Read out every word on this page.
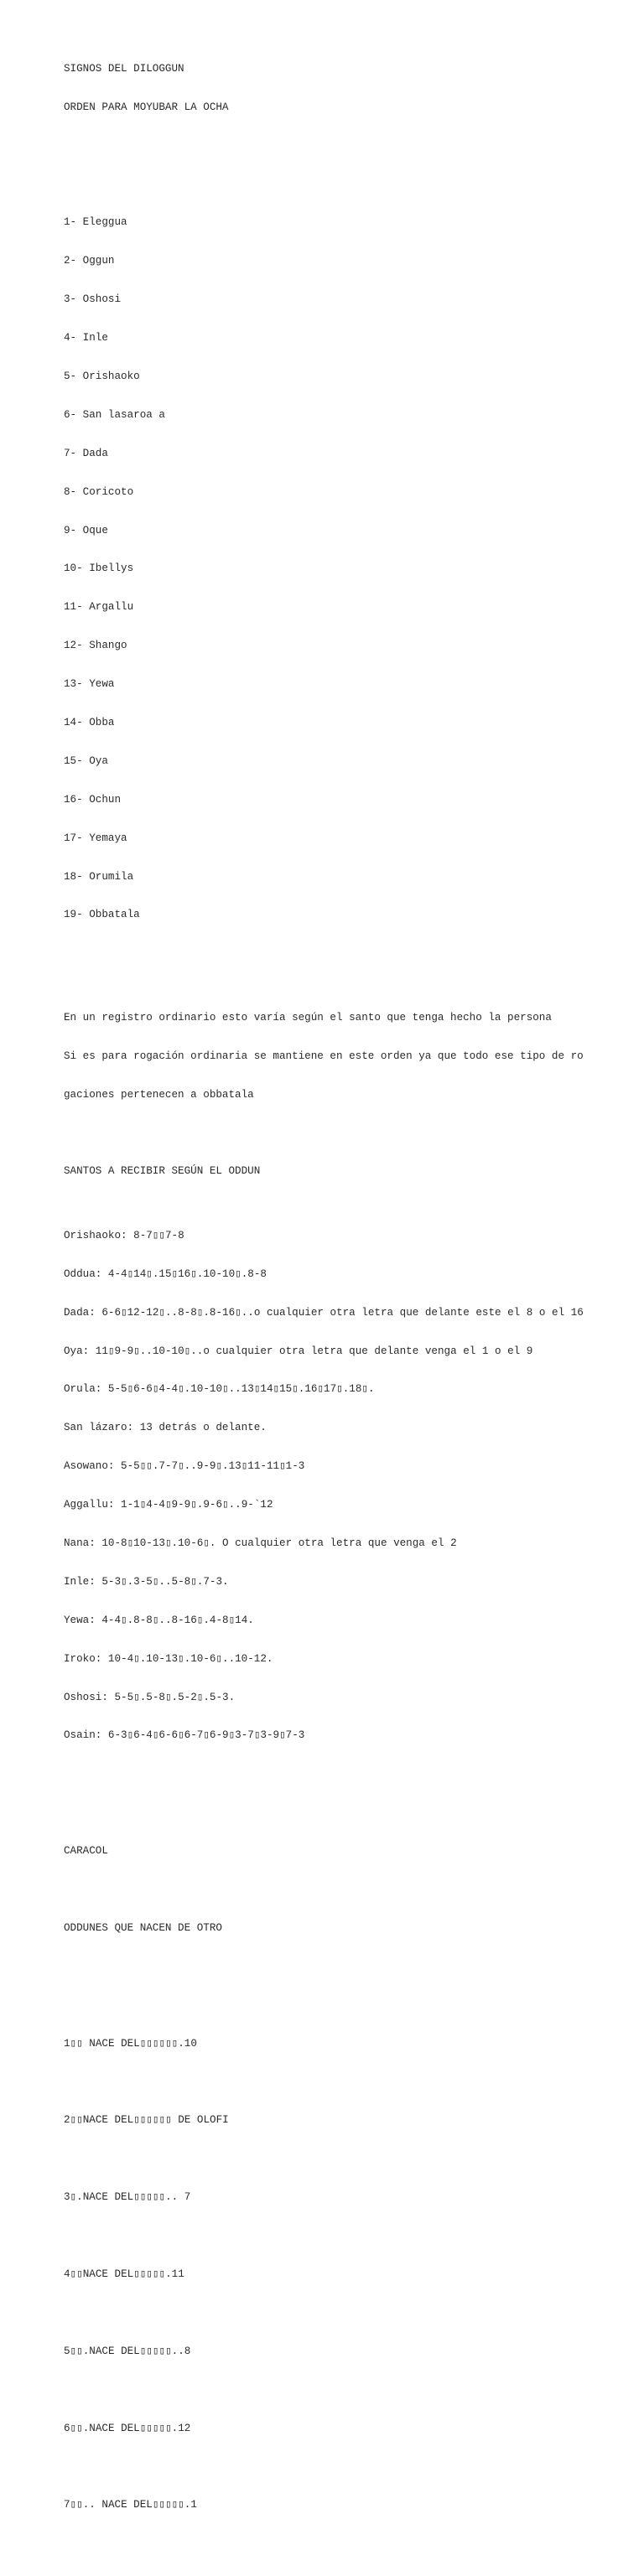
SIGNOS DEL DILOGGUN

ORDEN PARA MOYUBAR LA OCHA

1- Eleggua

2- Oggun

3- Oshosi

4- Inle

5- Orishaoko

6- San lasaroa a

7- Dada

8- Coricoto

9- Oque

10- Ibellys

11- Argallu

12- Shango

13- Yewa

14- Obba

15- Oya

16- Ochun

17- Yemaya

18- Orumila

19- Obbatala

En un registro ordinario esto varía según el santo que tenga hecho la persona

Si es para rogación ordinaria se mantiene en este orden ya que todo ese tipo de ro

gaciones pertenecen a obbatala

SANTOS A RECIBIR SEGÚN EL ODDUN

Orishaoko: 8-7▯▯7-8

Oddua: 4-4▯14▯.15▯16▯.10-10▯.8-8

Dada: 6-6▯12-12▯..8-8▯.8-16▯..o cualquier otra letra que delante este el 8 o el 16

Oya: 11▯9-9▯..10-10▯..o cualquier otra letra que delante venga el 1 o el 9

Orula: 5-5▯6-6▯4-4▯.10-10▯..13▯14▯15▯.16▯17▯.18▯.

San lázaro: 13 detrás o delante.

Asowano: 5-5▯▯.7-7▯..9-9▯.13▯11-11▯1-3

Aggallu: 1-1▯4-4▯9-9▯.9-6▯..9-`12

Nana: 10-8▯10-13▯.10-6▯. O cualquier otra letra que venga el 2

Inle: 5-3▯.3-5▯..5-8▯.7-3.

Yewa: 4-4▯.8-8▯..8-16▯.4-8▯14.

Iroko: 10-4▯.10-13▯.10-6▯..10-12.

Oshosi: 5-5▯.5-8▯.5-2▯.5-3.

Osain: 6-3▯6-4▯6-6▯6-7▯6-9▯3-7▯3-9▯7-3

CARACOL

ODDUNES QUE NACEN DE OTRO

1▯▯ NACE DEL▯▯▯▯▯▯.10

2▯▯NACE DEL▯▯▯▯▯▯ DE OLOFI

3▯.NACE DEL▯▯▯▯▯.. 7

4▯▯NACE DEL▯▯▯▯▯.11

5▯▯.NACE DEL▯▯▯▯▯..8

6▯▯.NACE DEL▯▯▯▯▯.12

7▯▯.. NACE DEL▯▯▯▯▯.1
